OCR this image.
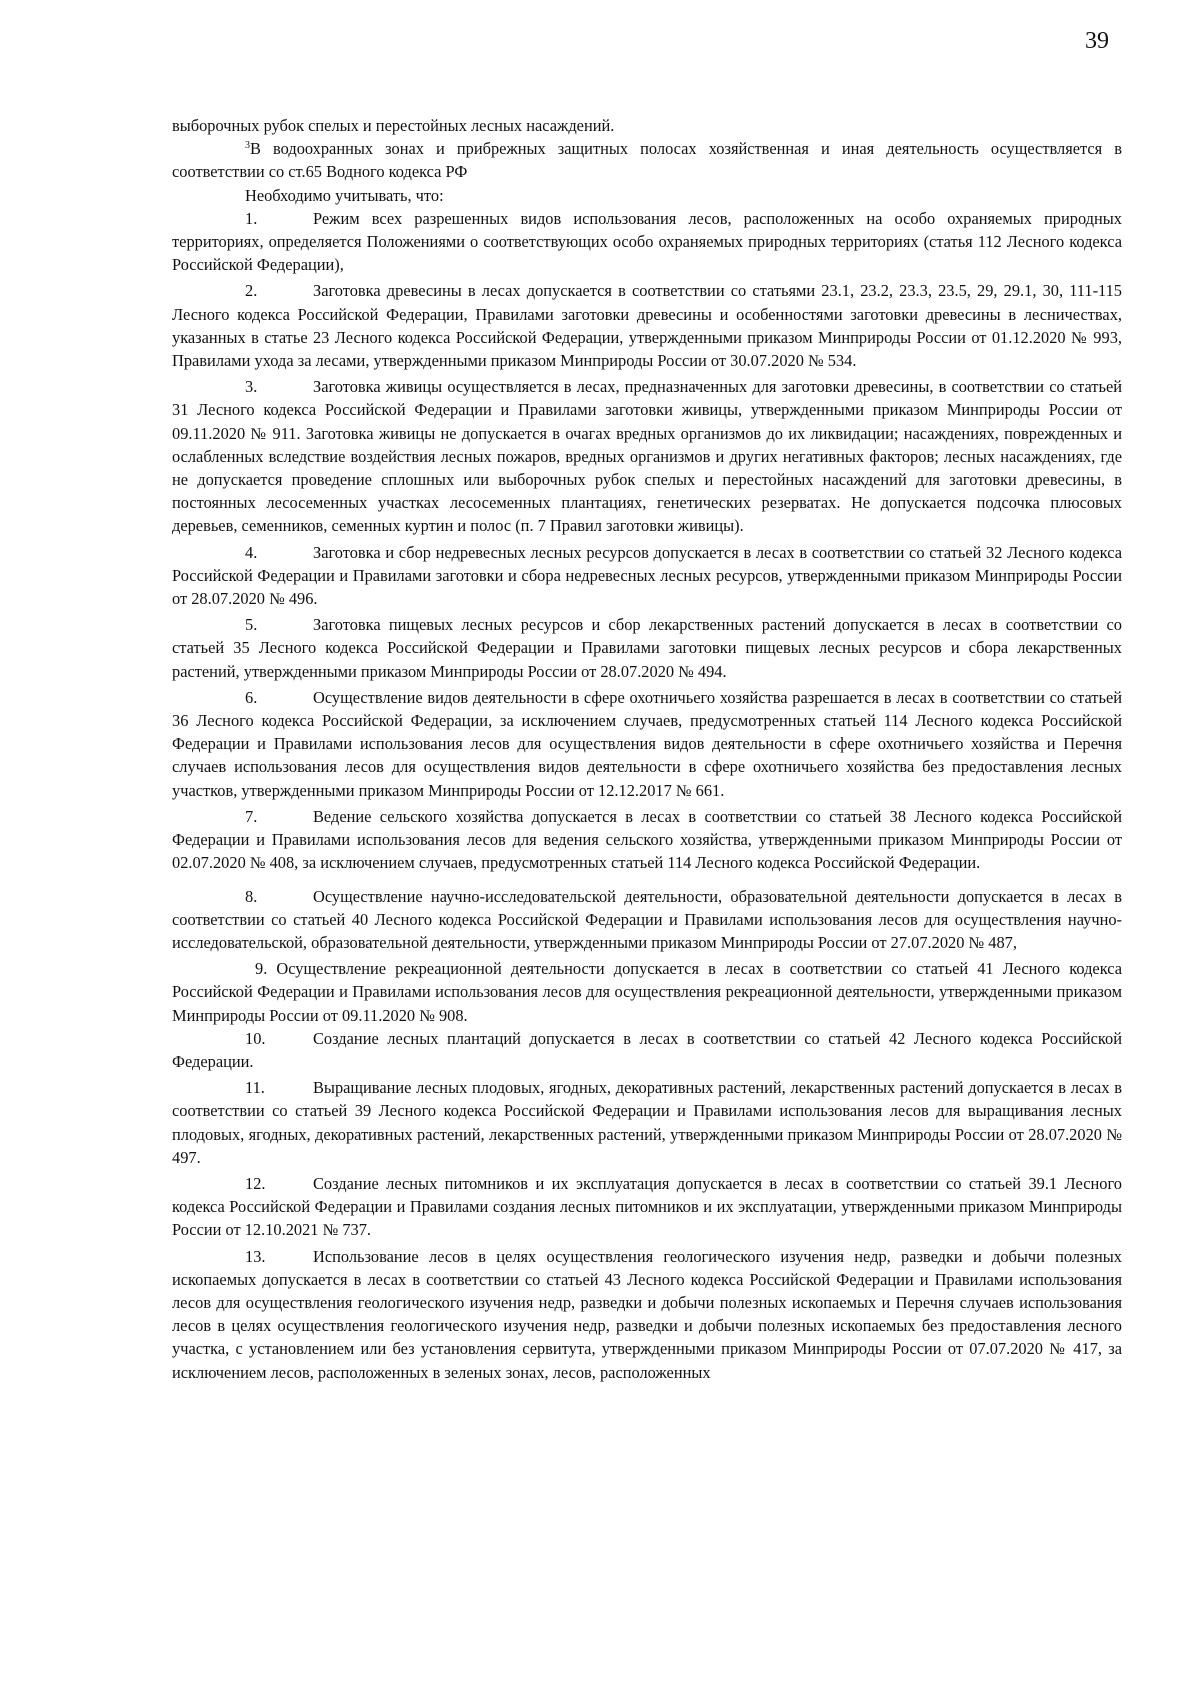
39

выборочных рубок спелых и перестойных лесных насаждений.

$^3$В водоохранных зонах и прибрежных защитных полосах хозяйственная и иная деятельность осуществляется в соответствии со ст.65 Водного кодекса РФ

Необходимо учитывать, что:

1.	Режим всех разрешенных видов использования лесов, расположенных на особо охраняемых природных территориях, определяется Положениями о соответствующих особо охраняемых природных территориях (статья 112 Лесного кодекса Российской Федерации),

2.	Заготовка древесины в лесах допускается в соответствии со статьями 23.1, 23.2, 23.3, 23.5, 29, 29.1, 30, 111-115 Лесного кодекса Российской Федерации, Правилами заготовки древесины и особенностями заготовки древесины в лесничествах, указанных в статье 23 Лесного кодекса Российской Федерации, утвержденными приказом Минприроды России от 01.12.2020 № 993, Правилами ухода за лесами, утвержденными приказом Минприроды России от 30.07.2020 № 534.

3.	Заготовка живицы осуществляется в лесах, предназначенных для заготовки древесины, в соответствии со статьей 31 Лесного кодекса Российской Федерации и Правилами заготовки живицы, утвержденными приказом Минприроды России от 09.11.2020 № 911. Заготовка живицы не допускается в очагах вредных организмов до их ликвидации; насаждениях, поврежденных и ослабленных вследствие воздействия лесных пожаров, вредных организмов и других негативных факторов; лесных насаждениях, где не допускается проведение сплошных или выборочных рубок спелых и перестойных насаждений для заготовки древесины, в постоянных лесосеменных участках лесосеменных плантациях, генетических резерватах. Не допускается подсочка плюсовых деревьев, семенников, семенных куртин и полос (п. 7 Правил заготовки живицы).

4.	Заготовка и сбор недревесных лесных ресурсов допускается в лесах в соответствии со статьей 32 Лесного кодекса Российской Федерации и Правилами заготовки и сбора недревесных лесных ресурсов, утвержденными приказом Минприроды России от 28.07.2020 № 496.

5.	Заготовка пищевых лесных ресурсов и сбор лекарственных растений допускается в лесах в соответствии со статьей 35 Лесного кодекса Российской Федерации и Правилами заготовки пищевых лесных ресурсов и сбора лекарственных растений, утвержденными приказом Минприроды России от 28.07.2020 № 494.

6.	Осуществление видов деятельности в сфере охотничьего хозяйства разрешается в лесах в соответствии со статьей 36 Лесного кодекса Российской Федерации, за исключением случаев, предусмотренных статьей 114 Лесного кодекса Российской Федерации и Правилами использования лесов для осуществления видов деятельности в сфере охотничьего хозяйства и Перечня случаев использования лесов для осуществления видов деятельности в сфере охотничьего хозяйства без предоставления лесных участков, утвержденными приказом Минприроды России от 12.12.2017 № 661.

7.	Ведение сельского хозяйства допускается в лесах в соответствии со статьей 38 Лесного кодекса Российской Федерации и Правилами использования лесов для ведения сельского хозяйства, утвержденными приказом Минприроды России от 02.07.2020 № 408, за исключением случаев, предусмотренных статьей 114 Лесного кодекса Российской Федерации.

8.	Осуществление научно-исследовательской деятельности, образовательной деятельности допускается в лесах в соответствии со статьей 40 Лесного кодекса Российской Федерации и Правилами использования лесов для осуществления научно-исследовательской, образовательной деятельности, утвержденными приказом Минприроды России от 27.07.2020 № 487,

9. Осуществление рекреационной деятельности допускается в лесах в соответствии со статьей 41 Лесного кодекса Российской Федерации и Правилами использования лесов для осуществления рекреационной деятельности, утвержденными приказом Минприроды России от 09.11.2020 № 908.

10.	Создание лесных плантаций допускается в лесах в соответствии со статьей 42 Лесного кодекса Российской Федерации.

11.	Выращивание лесных плодовых, ягодных, декоративных растений, лекарственных растений допускается в лесах в соответствии со статьей 39 Лесного кодекса Российской Федерации и Правилами использования лесов для выращивания лесных плодовых, ягодных, декоративных растений, лекарственных растений, утвержденными приказом Минприроды России от 28.07.2020 № 497.

12.	Создание лесных питомников и их эксплуатация допускается в лесах в соответствии со статьей 39.1 Лесного кодекса Российской Федерации и Правилами создания лесных питомников и их эксплуатации, утвержденными приказом Минприроды России от 12.10.2021 № 737.

13.	Использование лесов в целях осуществления геологического изучения недр, разведки и добычи полезных ископаемых допускается в лесах в соответствии со статьей 43 Лесного кодекса Российской Федерации и Правилами использования лесов для осуществления геологического изучения недр, разведки и добычи полезных ископаемых и Перечня случаев использования лесов в целях осуществления геологического изучения недр, разведки и добычи полезных ископаемых без предоставления лесного участка, с установлением или без установления сервитута, утвержденными приказом Минприроды России от 07.07.2020 № 417, за исключением лесов, расположенных в зеленых зонах, лесов, расположенных
